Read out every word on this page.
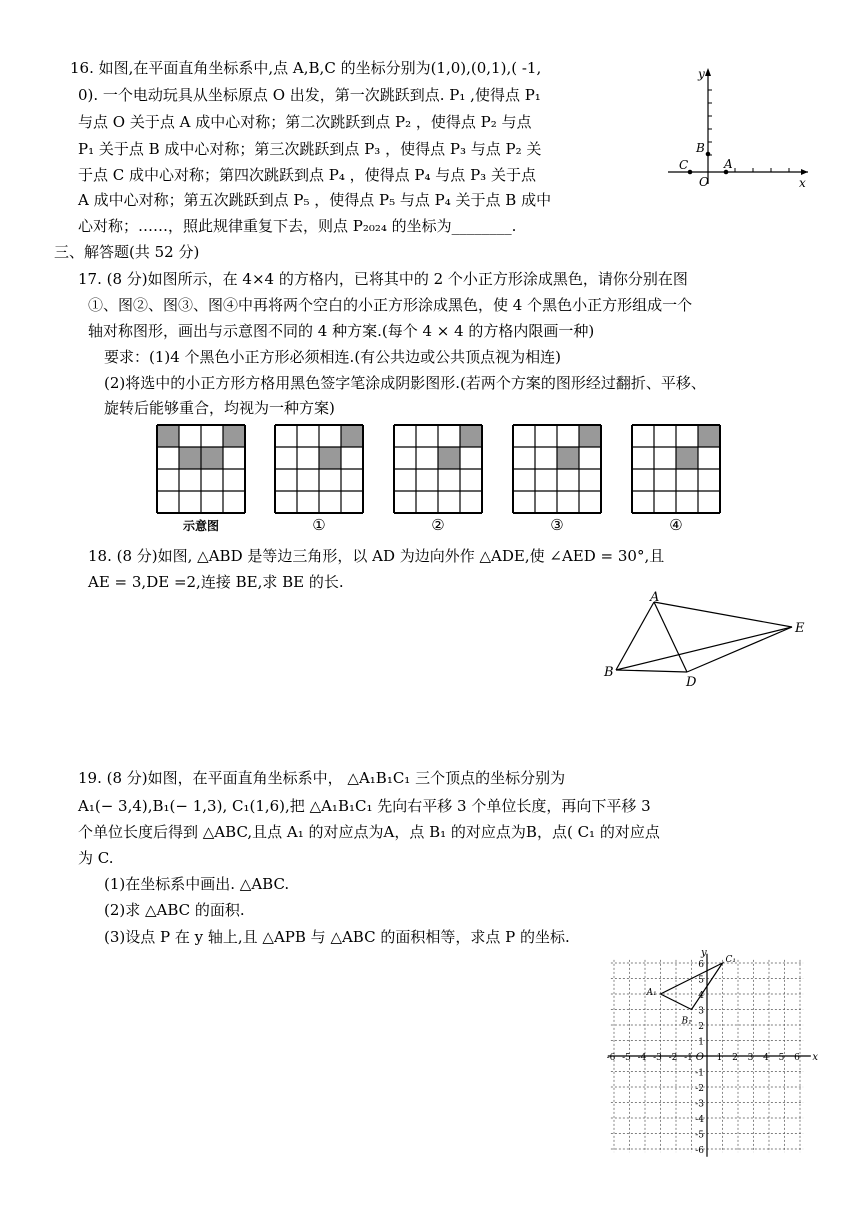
16. 如图,在平面直角坐标系中,点 A,B,C 的坐标分别为(1,0),(0,1),( -1,
0). 一个电动玩具从坐标原点 O 出发，第一次跳跃到点. P₁ ,使得点 P₁
与点 O 关于点 A 成中心对称；第二次跳跃到点 P₂ ，使得点 P₂ 与点
P₁ 关于点 B 成中心对称；第三次跳跃到点 P₃ ，使得点 P₃ 与点 P₂ 关
于点 C 成中心对称；第四次跳跃到点 P₄ ，使得点 P₄ 与点 P₃ 关于点
A 成中心对称；第五次跳跃到点 P₅ ，使得点 P₅ 与点 P₄ 关于点 B 成中
心对称；……，照此规律重复下去，则点 P₂₀₂₄ 的坐标为________.
y
x
C
B
A
O
三、解答题(共 52 分)
17. (8 分)如图所示，在 4×4 的方格内，已将其中的 2 个小正方形涂成黑色，请你分别在图
①、图②、图③、图④中再将两个空白的小正方形涂成黑色，使 4 个黑色小正方形组成一个
轴对称图形，画出与示意图不同的 4 种方案.(每个 4 × 4 的方格内限画一种)
要求：(1)4 个黑色小正方形必须相连.(有公共边或公共顶点视为相连)
(2)将选中的小正方形方格用黑色签字笔涂成阴影图形.(若两个方案的图形经过翻折、平移、
旋转后能够重合，均视为一种方案)
示意图	①	②	③	④
18. (8 分)如图, △ABD 是等边三角形，以 AD 为边向外作 △ADE,使 ∠AED = 30°,且
AE = 3,DE =2,连接 BE,求 BE 的长.
A
B
D
E
19. (8 分)如图，在平面直角坐标系中， △A₁B₁C₁ 三个顶点的坐标分别为
A₁(− 3,4),B₁(− 1,3), C₁(1,6),把 △A₁B₁C₁ 先向右平移 3 个单位长度，再向下平移 3
个单位长度后得到 △ABC,且点 A₁ 的对应点为A，点 B₁ 的对应点为B，点( C₁ 的对应点
为 C.
(1)在坐标系中画出. △ABC.
(2)求 △ABC 的面积.
(3)设点 P 在 y 轴上,且 △APB 与 △ABC 的面积相等，求点 P 的坐标.
-6 -5 -4 -3 -2 -1	1 2 3 4 5 6
6
5
4
3
2
1
-1
-2
-3
-4
-5
-6
O	x
y
A₁
B₁
C₁
